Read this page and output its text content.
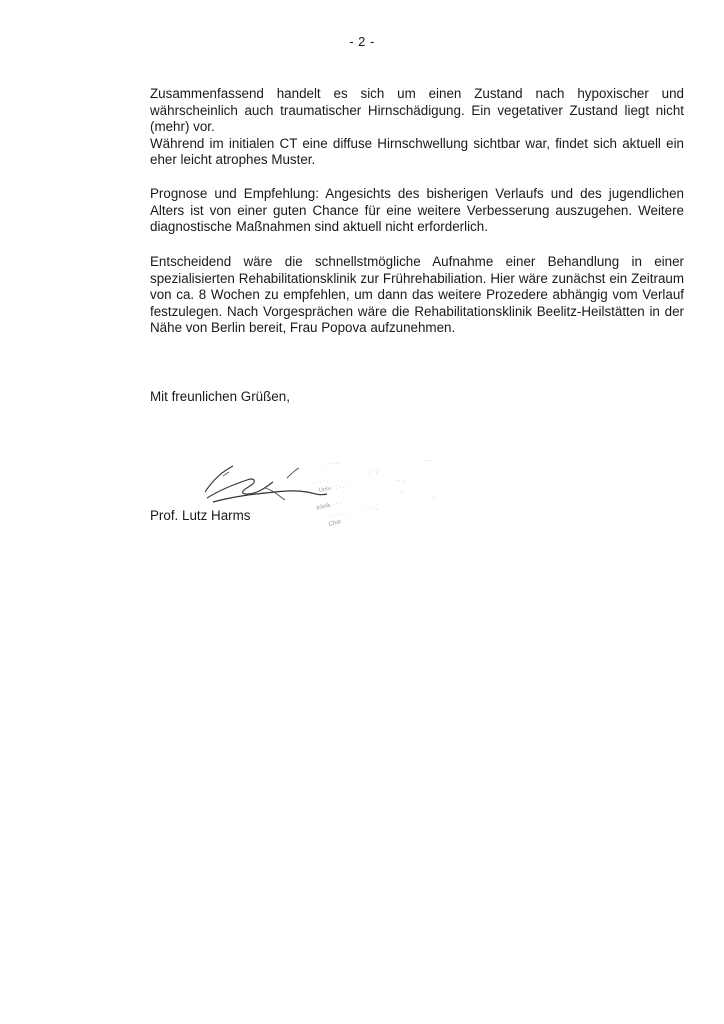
- 2 -

Zusammenfassend handelt es sich um einen Zustand nach hypoxischer und währscheinlich auch traumatischer Hirnschädigung. Ein vegetativer Zustand liegt nicht (mehr) vor.

Während im initialen CT eine diffuse Hirnschwellung sichtbar war, findet sich aktuell ein eher leicht atrophes Muster.

Prognose und Empfehlung: Angesichts des bisherigen Verlaufs und des jugendlichen Alters ist von einer guten Chance für eine weitere Verbesserung auszugehen. Weitere diagnostische Maßnahmen sind aktuell nicht erforderlich.

Entscheidend wäre die schnellstmögliche Aufnahme einer Behandlung in einer spezialisierten Rehabilitationsklinik zur Frührehabiliation. Hier wäre zunächst ein Zeitraum von ca. 8 Wochen zu empfehlen, um dann das weitere Prozedere abhängig vom Verlauf festzulegen. Nach Vorgesprächen wäre die Rehabilitationsklinik Beelitz-Heilstätten in der Nähe von Berlin bereit, Frau Popova aufzunehmen.

Mit freunlichen Grüßen,
. . : · . ·
Univ.· : · . ·
. · · · ·
· . · : ·
Klinik · · ·
· · · · .
Char .
· · .
.
· · ·
.
· · · .
Prof. Lutz Harms
